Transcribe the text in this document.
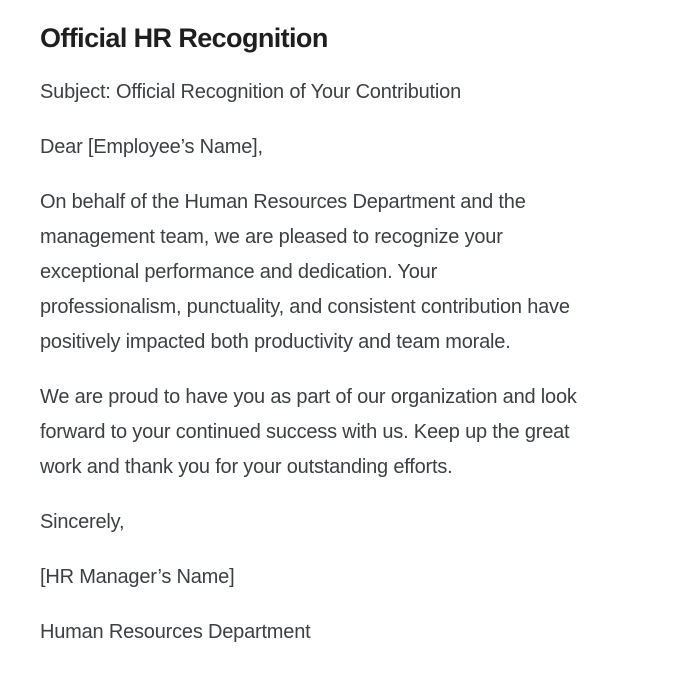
Official HR Recognition

Subject: Official Recognition of Your Contribution

Dear [Employee’s Name],

On behalf of the Human Resources Department and the
management team, we are pleased to recognize your
exceptional performance and dedication. Your
professionalism, punctuality, and consistent contribution have
positively impacted both productivity and team morale.

We are proud to have you as part of our organization and look
forward to your continued success with us. Keep up the great
work and thank you for your outstanding efforts.

Sincerely,

[HR Manager’s Name]

Human Resources Department
